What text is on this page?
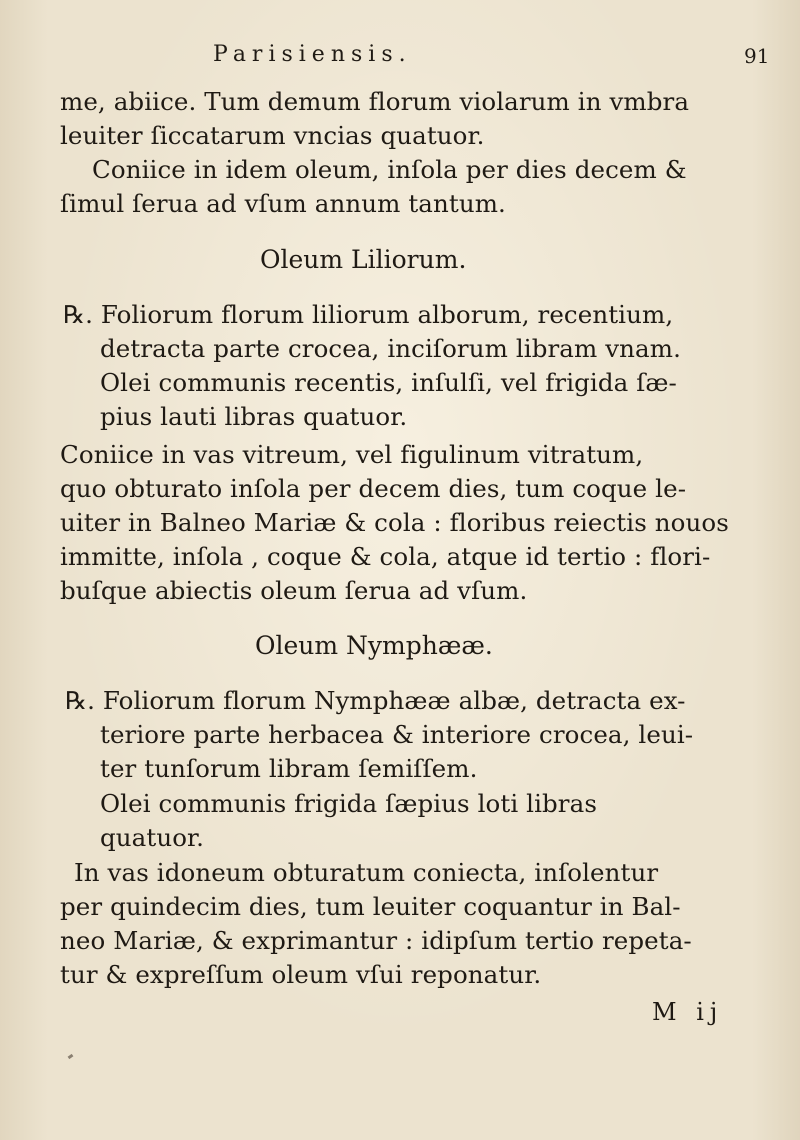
Parisiensis.	91
me, abiice. Tum demum florum violarum in vmbra
leuiter ſiccatarum vncias quatuor.
Coniice in idem oleum, inſola per dies decem &
ſimul ſerua ad vſum annum tantum.
Oleum Liliorum.
℞. Foliorum florum liliorum alborum, recentium,
detracta parte crocea, inciſorum libram vnam.
Olei communis recentis, inſulſi, vel frigida ſæ-
pius lauti libras quatuor.
Coniice in vas vitreum, vel figulinum vitratum,
quo obturato inſola per decem dies, tum coque le-
uiter in Balneo Mariæ & cola : floribus reiectis nouos
immitte, inſola , coque & cola, atque id tertio : flori-
buſque abiectis oleum ſerua ad vſum.
Oleum Nymphææ.
℞. Foliorum florum Nymphææ albæ, detracta ex-
teriore parte herbacea & interiore crocea, leui-
ter tunſorum libram ſemiſſem.
Olei communis frigida ſæpius loti libras
quatuor.
In vas idoneum obturatum coniecta, inſolentur
per quindecim dies, tum leuiter coquantur in Bal-
neo Mariæ, & exprimantur : idipſum tertio repeta-
tur & expreſſum oleum vſui reponatur.
M ij
